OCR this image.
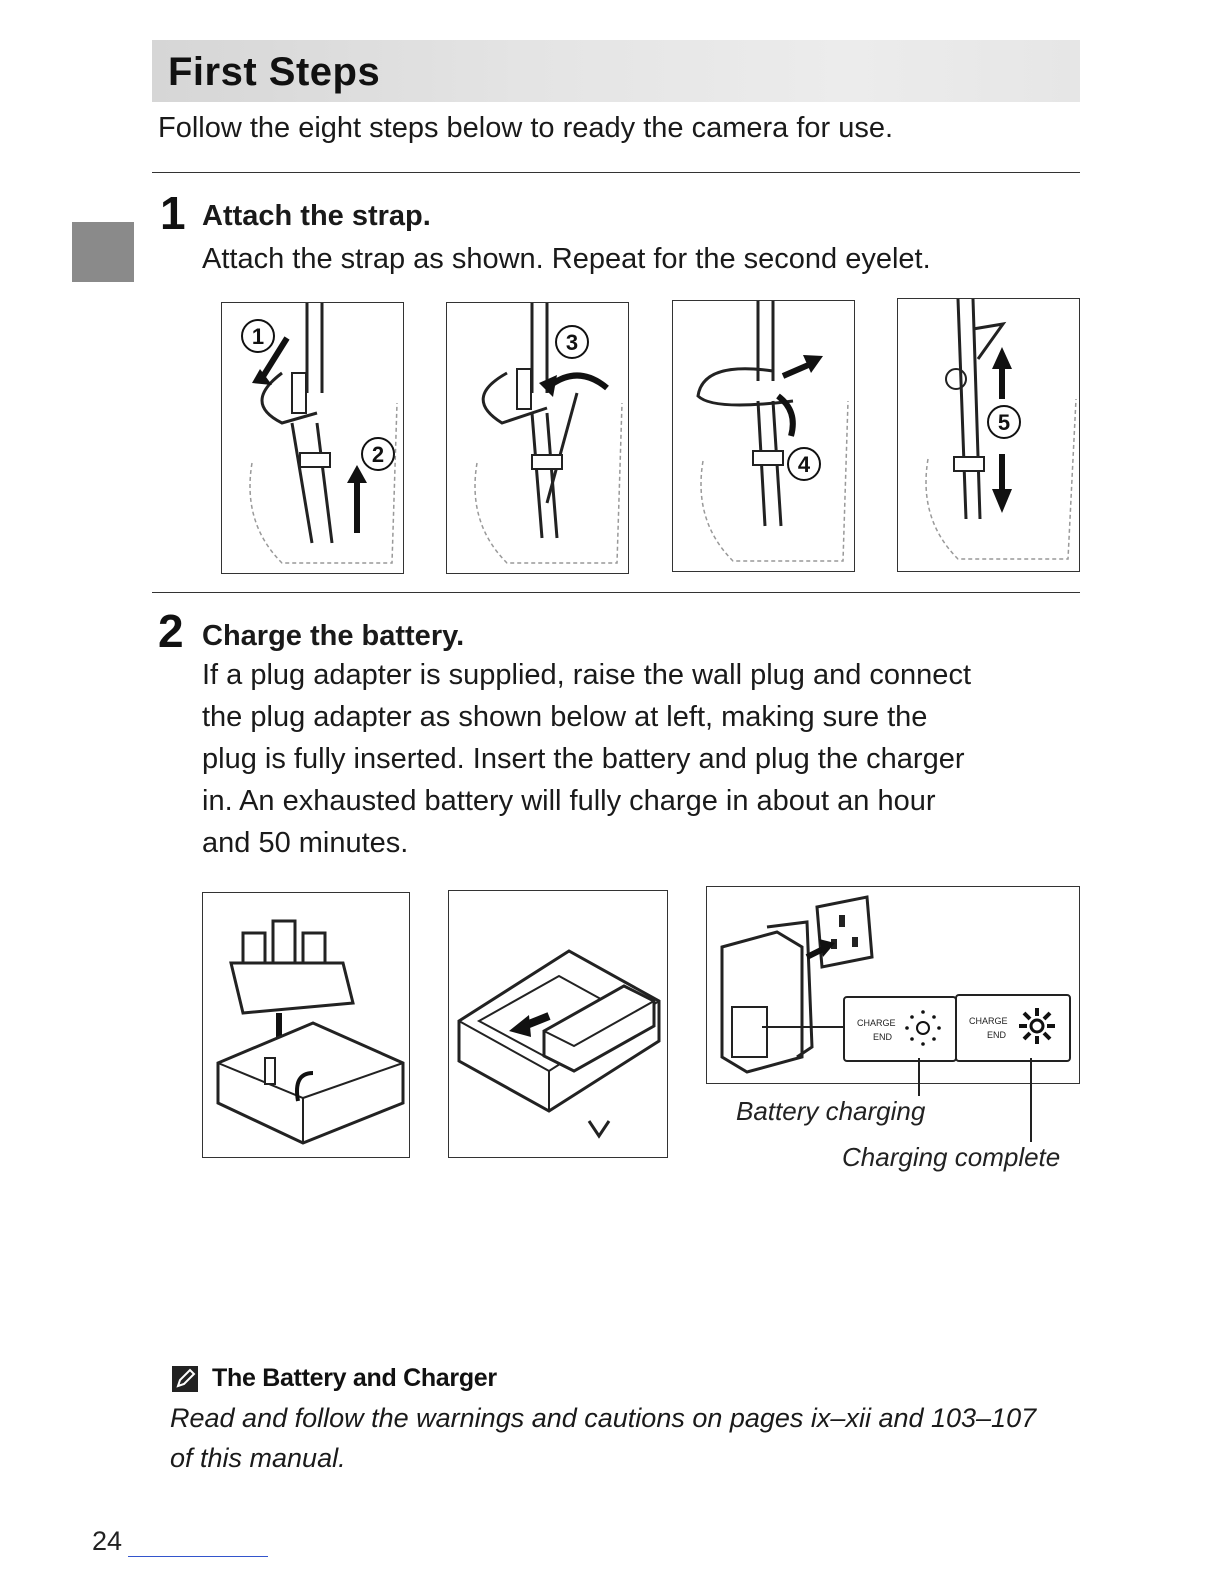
First Steps
Follow the eight steps below to ready the camera for use.
1 Attach the strap.
Attach the strap as shown. Repeat for the second eyelet.
1
2
3
4
5
2 Charge the battery.
If a plug adapter is supplied, raise the wall plug and connect
the plug adapter as shown below at left, making sure the
plug is fully inserted. Insert the battery and plug the charger
in. An exhausted battery will fully charge in about an hour
and 50 minutes.
CHARGE
END
CHARGE
END
Battery charging
Charging complete
The Battery and Charger
Read and follow the warnings and cautions on pages ix–xii and 103–107
of this manual.
24
